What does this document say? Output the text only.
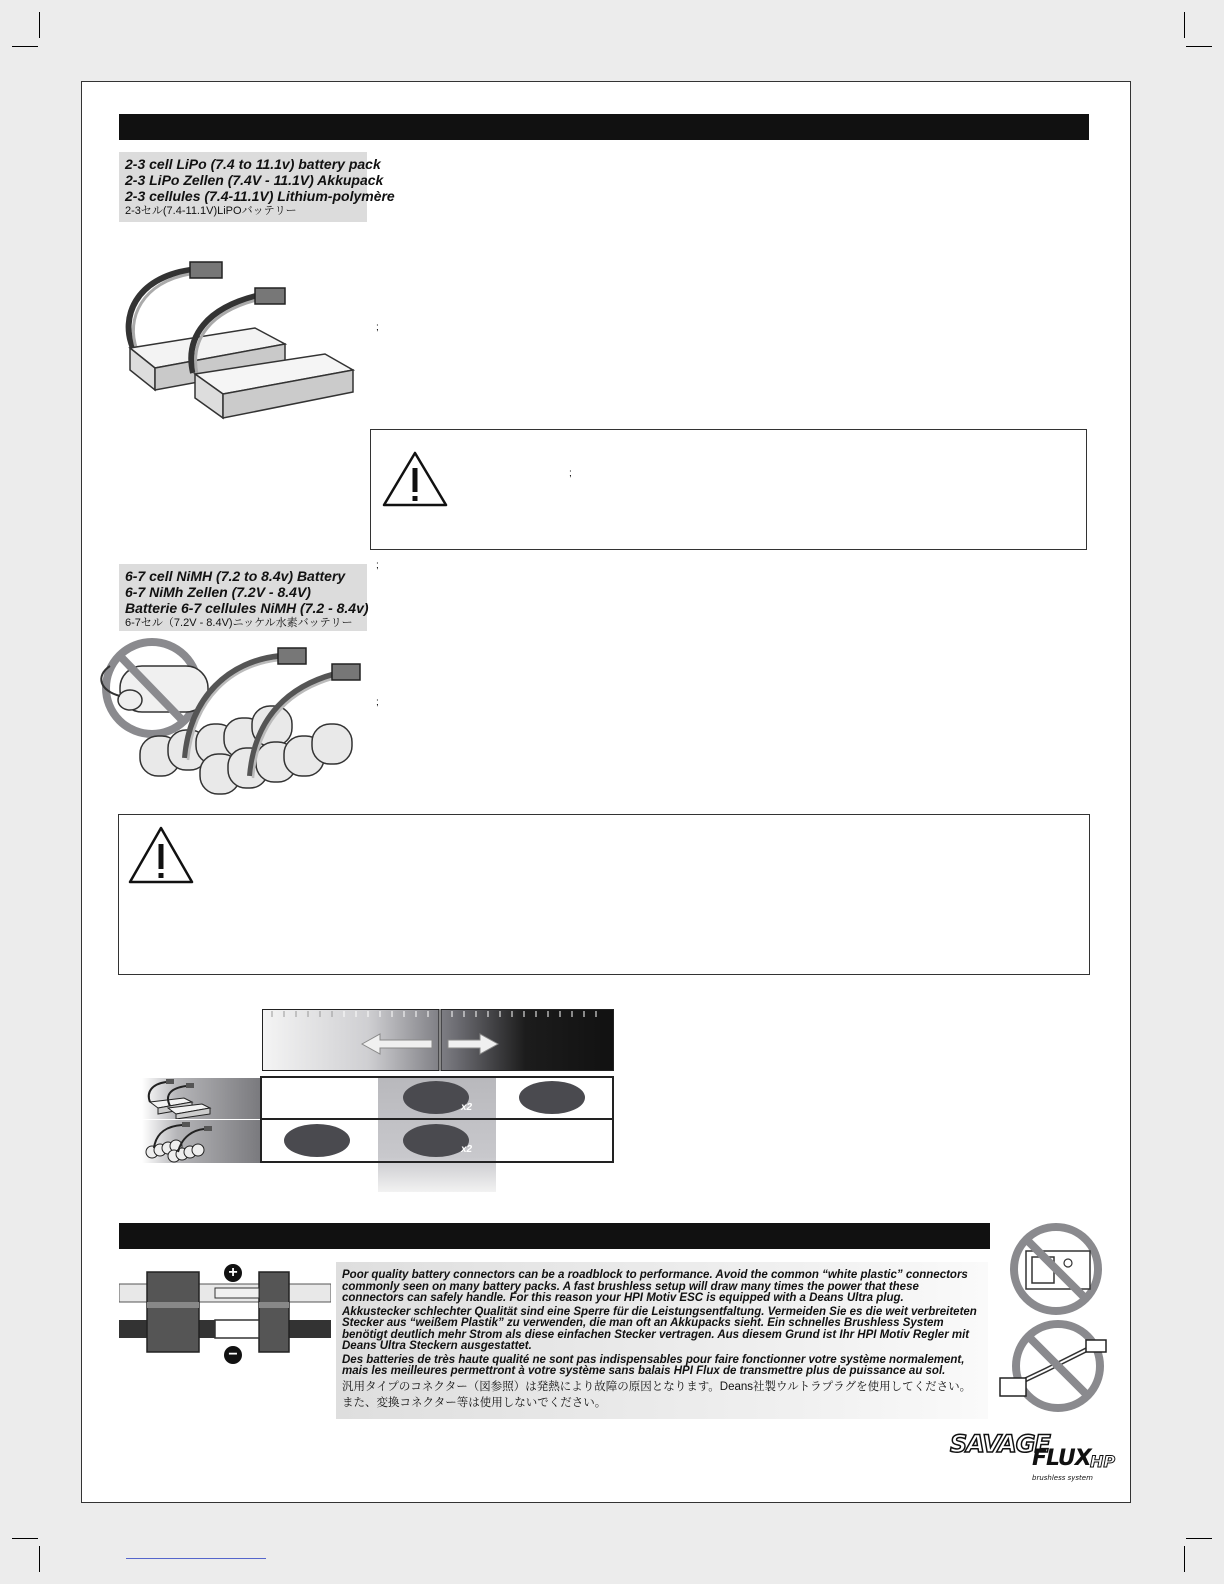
2-3 cell LiPo (7.4 to 11.1v) battery pack
2-3 LiPo Zellen (7.4V - 11.1V) Akkupack
2-3 cellules (7.4-11.1V) Lithium-polymère
2-3セル(7.4-11.1V)LiPOバッテリー
;
;
;
6-7 cell NiMH (7.2 to 8.4v) Battery
6-7 NiMh Zellen (7.2V - 8.4V)
Batterie 6-7 cellules NiMH (7.2 - 8.4v)
6-7セル（7.2V - 8.4V)ニッケル水素バッテリー
;
x2
x2
+
−

Poor quality battery connectors can be a roadblock to performance. Avoid the common “white plastic” connectors commonly seen on many battery packs. A fast brushless setup will draw many times the power that these connectors can safely handle. For this reason your HPI Motiv ESC is equipped with a Deans Ultra plug.

Akkustecker schlechter Qualität sind eine Sperre für die Leistungsentfaltung. Vermeiden Sie es die weit verbreiteten Stecker aus “weißem Plastik” zu verwenden, die man oft an Akkupacks sieht. Ein schnelles Brushless System benötigt deutlich mehr Strom als diese einfachen Stecker vertragen. Aus diesem Grund ist Ihr HPI Motiv Regler mit Deans Ultra Steckern ausgestattet.

Des batteries de très haute qualité ne sont pas indispensables pour faire fonctionner votre système normalement, mais les meilleures permettront à votre système sans balais HPI Flux de transmettre plus de puissance au sol.

汎用タイプのコネクター（図参照）は発熱により故障の原因となります。Deans社製ウルトラプラグを使用してください。

また、変換コネクター等は使用しないでください。

SAVAGE
FLUX HP
brushless system
